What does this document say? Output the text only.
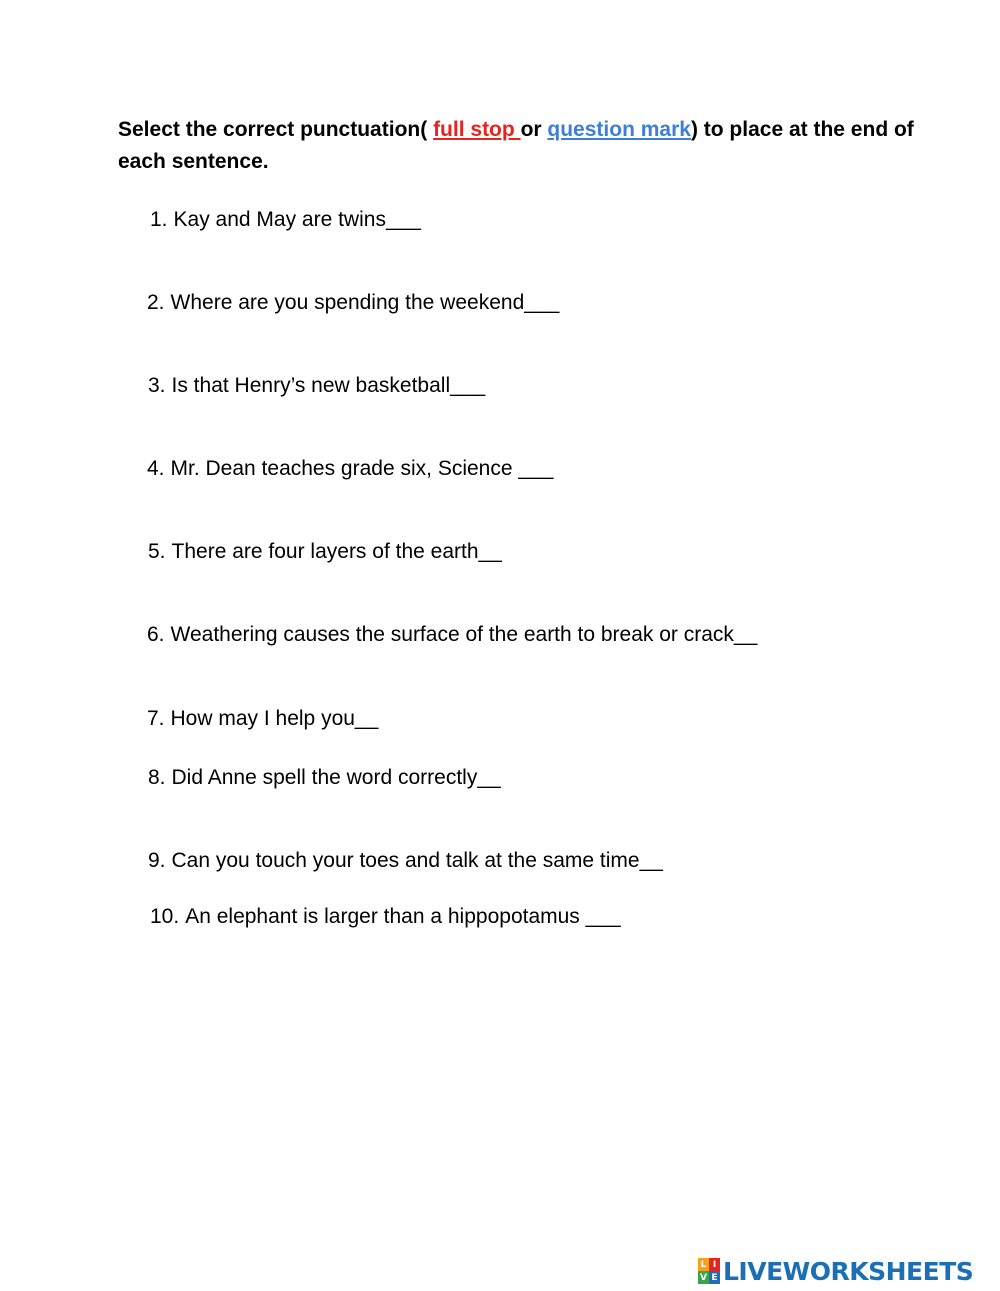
Select the correct punctuation( full stop or question mark) to place at the end of each sentence.

1. Kay and May are twins___

2. Where are you spending the weekend___

3. Is that Henry’s new basketball___

4. Mr. Dean teaches grade six, Science ___

5. There are four layers of the earth__

6. Weathering causes the surface of the earth to break or crack__

7. How may I help you__

8. Did Anne spell the word correctly__

9. Can you touch your toes and talk at the same time__

10. An elephant is larger than a hippopotamus ___

L I
V E LIVEWORKSHEETS
